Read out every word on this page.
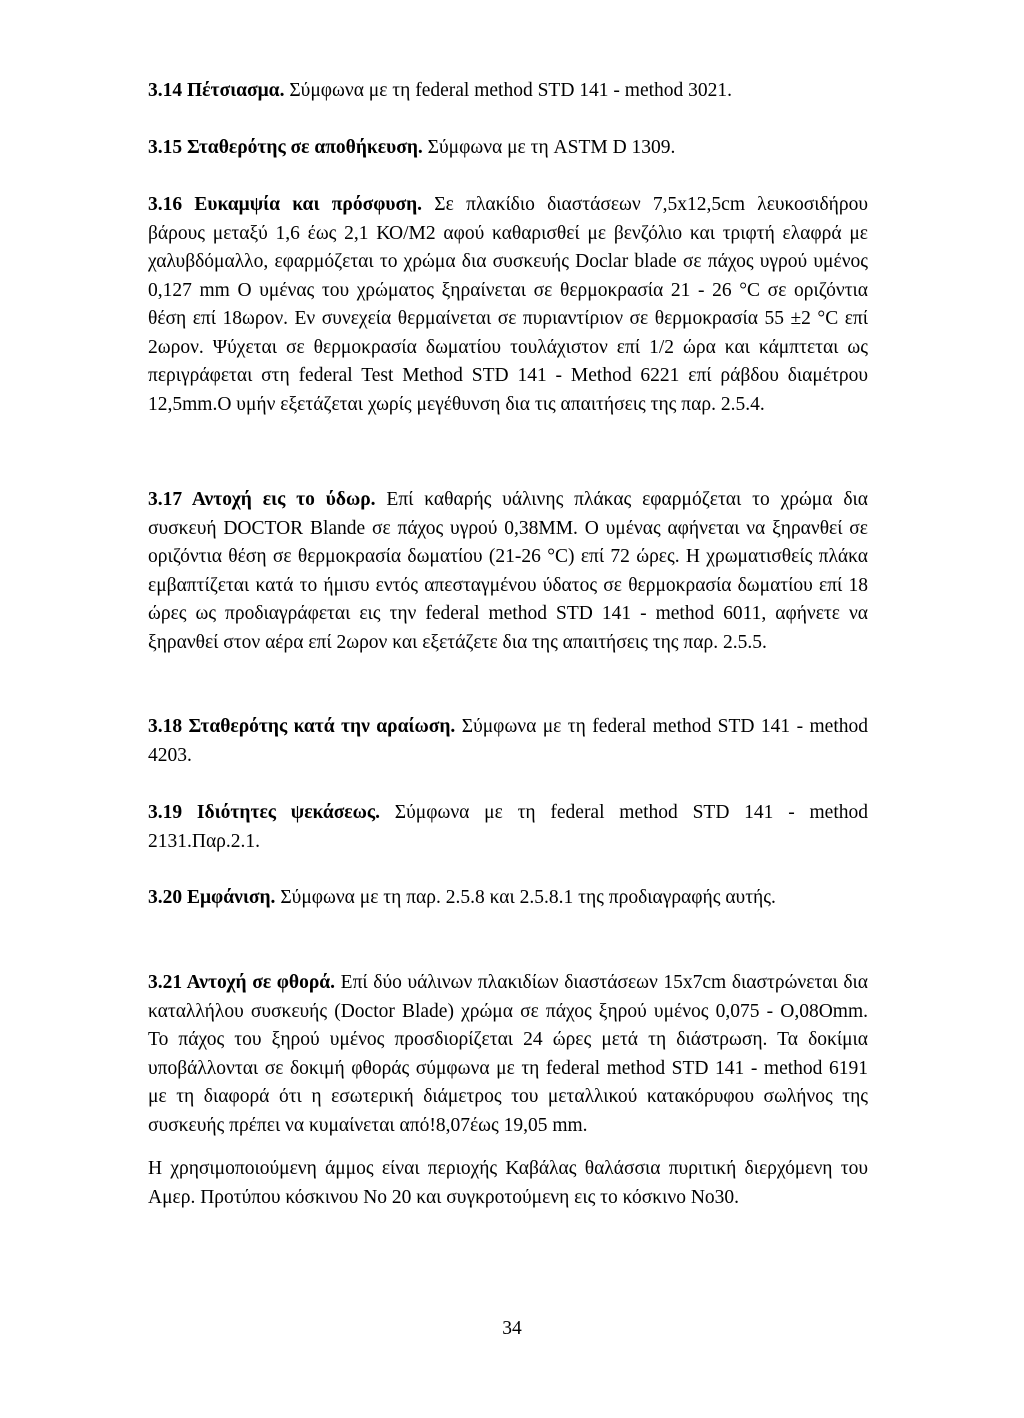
3.14 Πέτσιασμα. Σύμφωνα με τη federal method STD 141 - method 3021.

3.15 Σταθερότης σε αποθήκευση. Σύμφωνα με τη ASTM D 1309.

3.16 Ευκαμψία και πρόσφυση. Σε πλακίδιο διαστάσεων 7,5x12,5cm λευκοσιδήρου βάρους μεταξύ 1,6 έως 2,1 ΚΟ/Μ2 αφού καθαρισθεί με βενζόλιο και τριφτή ελαφρά με χαλυβδόμαλλο, εφαρμόζεται το χρώμα δια συσκευής Doclar blade σε πάχος υγρού υμένος 0,127 mm Ο υμένας του χρώματος ξηραίνεται σε θερμοκρασία 21 - 26 °C σε οριζόντια θέση επί 18ωρον. Εν συνεχεία θερμαίνεται σε πυριαντίριον σε θερμοκρασία 55 ±2 °C επί 2ωρον. Ψύχεται σε θερμοκρασία δωματίου τουλάχιστον επί 1/2 ώρα και κάμπτεται ως περιγράφεται στη federal Test Method STD 141 - Method 6221 επί ράβδου διαμέτρου 12,5mm.Ο υμήν εξετάζεται χωρίς μεγέθυνση δια τις απαιτήσεις της παρ. 2.5.4.

3.17 Αντοχή εις το ύδωρ. Επί καθαρής υάλινης πλάκας εφαρμόζεται το χρώμα δια συσκευή DOCTOR Blande σε πάχος υγρού 0,38ΜΜ. Ο υμένας αφήνεται να ξηρανθεί σε οριζόντια θέση σε θερμοκρασία δωματίου (21-26 °C) επί 72 ώρες. Η χρωματισθείς πλάκα εμβαπτίζεται κατά το ήμισυ εντός απεσταγμένου ύδατος σε θερμοκρασία δωματίου επί 18 ώρες ως προδιαγράφεται εις την federal method STD 141 - method 6011, αφήνετε να ξηρανθεί στον αέρα επί 2ωρον και εξετάζετε δια της απαιτήσεις της παρ. 2.5.5.

3.18 Σταθερότης κατά την αραίωση. Σύμφωνα με τη federal method STD 141 - method 4203.

3.19 Ιδιότητες ψεκάσεως. Σύμφωνα με τη federal method STD 141 - method 2131.Παρ.2.1.

3.20 Εμφάνιση. Σύμφωνα με τη παρ. 2.5.8 και 2.5.8.1 της προδιαγραφής αυτής.

3.21 Αντοχή σε φθορά. Επί δύο υάλινων πλακιδίων διαστάσεων 15x7cm διαστρώνεται δια καταλλήλου συσκευής (Doctor Blade) χρώμα σε πάχος ξηρού υμένος 0,075 - Ο,08Omm. Το πάχος του ξηρού υμένος προσδιορίζεται 24 ώρες μετά τη διάστρωση. Τα δοκίμια υποβάλλονται σε δοκιμή φθοράς σύμφωνα με τη federal method STD 141 - method 6191 με τη διαφορά ότι η εσωτερική διάμετρος του μεταλλικού κατακόρυφου σωλήνος της συσκευής πρέπει να κυμαίνεται από!8,07έως 19,05 mm.

Η χρησιμοποιούμενη άμμος είναι περιοχής Καβάλας θαλάσσια πυριτική διερχόμενη του Αμερ. Προτύπου κόσκινου Νο 20 και συγκροτούμενη εις το κόσκινο Νο30.

34
